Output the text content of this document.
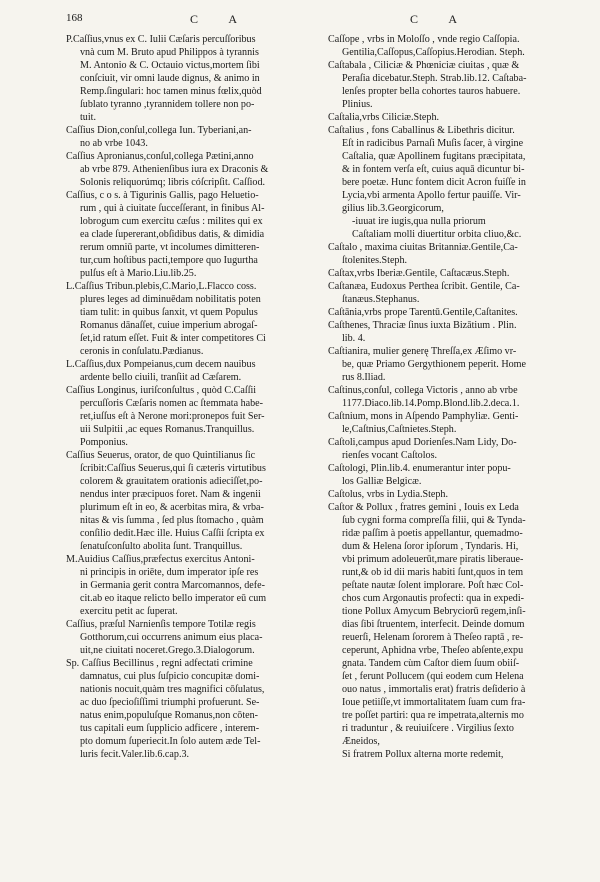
168	C A	C A
P.Caſſius,vnus ex C. Iulii Cæſaris percuſſoribus
vnà cum M. Bruto apud Philippos à tyrannis
M. Antonio & C. Octauio victus,mortem ſibi
conſciuit, vir omni laude dignus, & animo in
Remp.ſingulari: hoc tamen minus fœlix,quòd
ſublato tyranno ,tyrannidem tollere non po-
tuit.
Caſſius Dion,conſul,collega Iun. Tyberiani,an-
no ab vrbe 1043.
Caſſius Apronianus,conſul,collega Pætini,anno
ab vrbe 879. Athenienſibus iura ex Draconis &
Solonis reliquorúmq; libris cóſcripſit. Caſſiod.
Caſſius, c o s. à Tigurinis Gallis, pago Heluetio-
rum , qui à ciuitate ſucceſſerant, in finibus Al-
lobrogum cum exercitu cæſus : milites qui ex
ea clade ſupererant,obſidibus datis, & dimidia
rerum omniū parte, vt incolumes dimitteren-
tur,cum hoſtibus pacti,tempore quo Iugurtha
pulſus eſt à Mario.Liu.lib.25.
L.Caſſius Tribun.plebis,C.Mario,L.Flacco coss.
plures leges ad diminuēdam nobilitatis poten
tiam tulit: in quibus ſanxit, vt quem Populus
Romanus dānaſſet, cuiue imperium abrogaſ-
ſet,id ratum eſſet. Fuit & inter competitores Ci
ceronis in conſulatu.Pædianus.
L.Caſſius,dux Pompeianus,cum decem nauibus
ardente bello ciuili, tranſiit ad Cæſarem.
Caſſius Longinus, iuriſconſultus , quòd C.Caſſii
percuſſoris Cæſaris nomen ac ſtemmata habe-
ret,iuſſus eſt à Nerone mori:pronepos fuit Ser-
uii Sulpitii ,ac eques Romanus.Tranquillus.
Pomponius.
Caſſius Seuerus, orator, de quo Quintilianus ſic
ſcribit:Caſſius Seuerus,qui ſi cæteris virtutibus
colorem & grauitatem orationis adieciſſet,po-
nendus inter præcipuos foret. Nam & ingenii
plurimum eſt in eo, & acerbitas mira, & vrba-
nitas & vis ſumma , ſed plus ſtomacho , quàm
conſilio dedit.Hæc ille. Huius Caſſii ſcripta ex
ſenatuſconſulto abolita ſunt. Tranquillus.
M.Auidius Caſſius,præfectus exercitus Antoni-
ni principis in oriēte, dum imperator ipſe res
in Germania gerit contra Marcomannos, defe-
cit.ab eo itaque relicto bello imperator eū cum
exercitu petit ac ſuperat.
Caſſius, præſul Narnienſis tempore Totilæ regis
Gotthorum,cui occurrens animum eius placa-
uit,ne ciuitati noceret.Grego.3.Dialogorum.
Sp. Caſſius Becillinus , regni adfectati crimine
damnatus, cui plus ſuſpicio concupitæ domi-
nationis nocuit,quàm tres magnifici cōſulatus,
ac duo ſpecioſiſſimi triumphi profuerunt. Se-
natus enim,populuſque Romanus,non cōten-
tus capitali eum ſupplicio adficere , interem-
pto domum ſuperiecit.In ſolo autem æde Tel-
luris fecit.Valer.lib.6.cap.3.
Caſſope , vrbs in Moloſſo , vnde regio Caſſopia.
Gentilia,Caſſopus,Caſſopius.Herodian. Steph.
Caſtabala , Ciliciæ & Phœniciæ ciuitas , quæ &
Peraſia dicebatur.Steph. Strab.lib.12. Caſtaba-
lenſes propter bella cohortes tauros habuere.
Plinius.
Caſtalia,vrbs Ciliciæ.Steph.
Caſtalius , fons Caballinus & Libethris dicitur.
Eſt in radicibus Parnaſi Muſis ſacer, à virgine
Caſtalia, quæ Apollinem fugitans præcipitata,
& in fontem verſa eſt, cuius aquā dicuntur bi-
bere poetæ. Hunc fontem dicit Acron fuiſſe in
Lycia,vbi armenta Apollo fertur pauiſſe. Vir-
gilius lib.3.Georgicorum,
-iuuat ire iugis,qua nulla priorum
Caſtaliam molli diuertitur orbita cliuo,&c.
Caſtalo , maxima ciuitas Britanniæ.Gentile,Ca-
ſtolenites.Steph.
Caſtax,vrbs Iberiæ.Gentile, Caſtacæus.Steph.
Caſtanæa, Eudoxus Perthea ſcribit. Gentile, Ca-
ſtanæus.Stephanus.
Caſtānia,vrbs prope Tarentū.Gentile,Caſtanites.
Caſthenes, Thraciæ ſinus iuxta Bizātium . Plin.
lib. 4.
Caſtianira, mulier generę Threſſa,ex Æſimo vr-
be, quæ Priamo Gergythionem peperit. Home
rus 8.Iliad.
Caſtinus,conſul, collega Victoris , anno ab vrbe
1177.Diaco.lib.14.Pomp.Blond.lib.2.deca.1.
Caſtnium, mons in Aſpendo Pamphyliæ. Genti-
le,Caſtnius,Caſtnietes.Steph.
Caſtoli,campus apud Dorienſes.Nam Lidy, Do-
rienſes vocant Caſtolos.
Caſtologi, Plin.lib.4. enumerantur inter popu-
los Galliæ Belgicæ.
Caſtolus, vrbs in Lydia.Steph.
Caſtor & Pollux , fratres gemini , Iouis ex Leda
ſub cygni forma compreſſa filii, qui & Tynda-
ridæ paſſim à poetis appellantur, quemadmo-
dum & Helena ſoror ipſorum , Tyndaris. Hi,
vbi primum adoleuerūt,mare piratis liberaue-
runt,& ob id dii maris habiti ſunt,quos in tem
peſtate nautæ ſolent implorare. Poſt hæc Col-
chos cum Argonautis profecti: qua in expedi-
tione Pollux Amycum Bebryciorū regem,inſi-
dias ſibi ſtruentem, interfecit. Deinde domum
reuerſi, Helenam ſororem à Theſeo raptā , re-
ceperunt, Aphidna vrbe, Theſeo abſente,expu
gnata. Tandem cùm Caſtor diem ſuum obiiſ-
ſet , ferunt Pollucem (qui eodem cum Helena
ouo natus , immortalis erat) fratris deſiderio à
Ioue petiiſſe,vt immortalitatem ſuam cum fra-
tre poſſet partiri: qua re impetrata,alternis mo
ri traduntur , & reuiuiſcere . Virgilius ſexto
Æneidos,
Si fratrem Pollux alterna morte redemit,
